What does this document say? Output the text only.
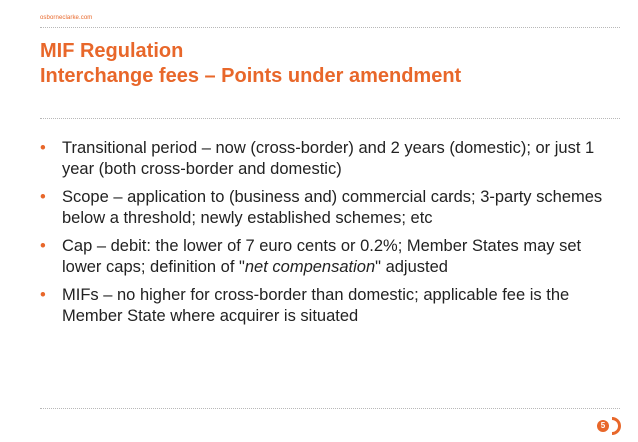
osborneclarke.com
MIF Regulation
Interchange fees – Points under amendment
• Transitional period – now (cross-border) and 2 years (domestic); or just 1 year (both cross-border and domestic)
• Scope – application to (business and) commercial cards; 3-party schemes below a threshold; newly established schemes; etc
• Cap – debit: the lower of 7 euro cents or 0.2%; Member States may set lower caps; definition of "net compensation" adjusted
• MIFs – no higher for cross-border than domestic; applicable fee is the Member State where acquirer is situated
5
